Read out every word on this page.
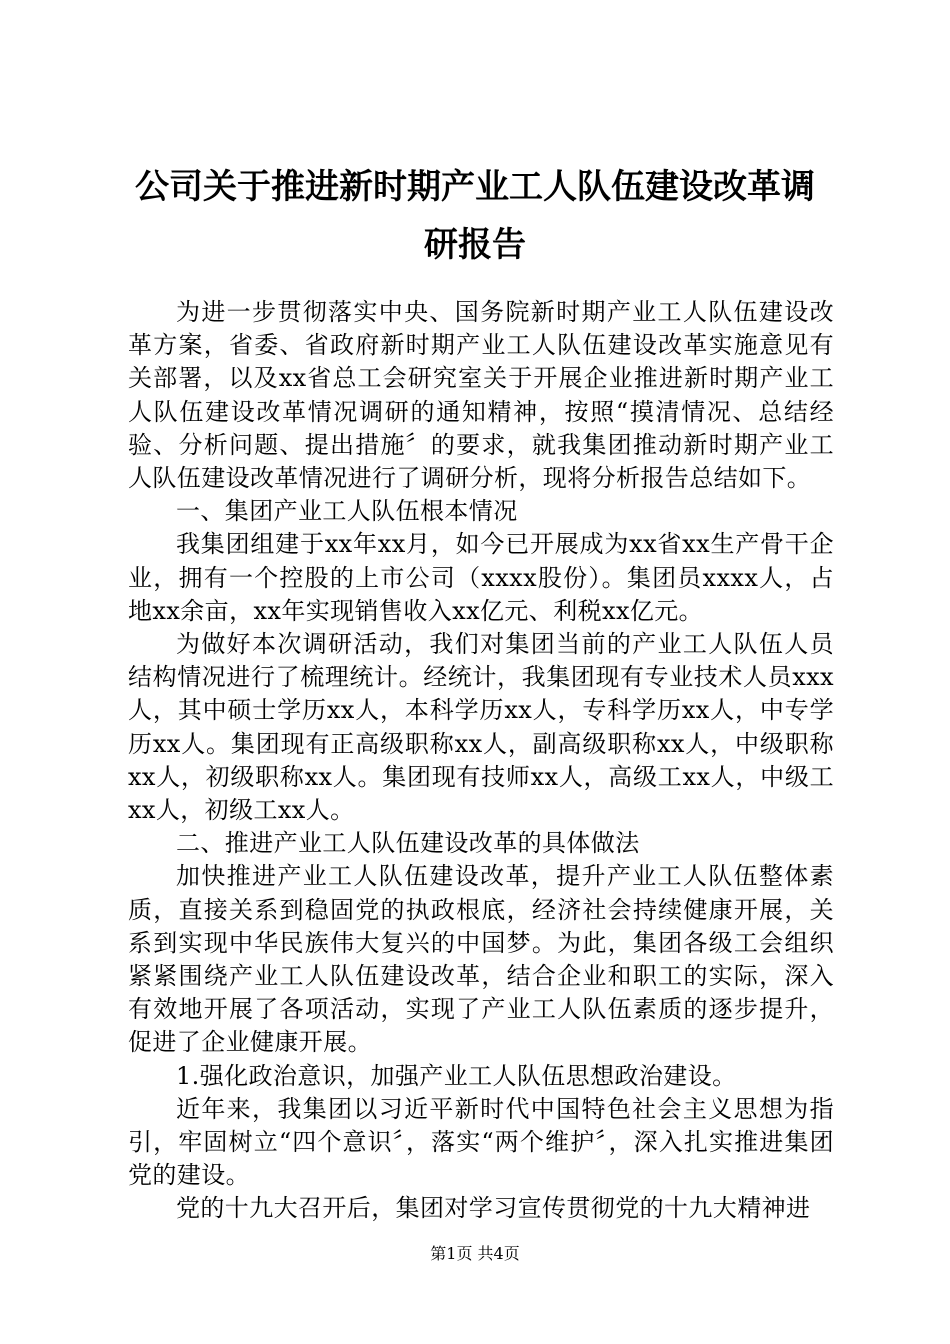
公司关于推进新时期产业工人队伍建设改革调研报告

为进一步贯彻落实中央、国务院新时期产业工人队伍建设改革方案，省委、省政府新时期产业工人队伍建设改革实施意见有关部署，以及xx省总工会研究室关于开展企业推进新时期产业工人队伍建设改革情况调研的通知精神，按照“摸清情况、总结经验、分析问题、提出措施〞的要求，就我集团推动新时期产业工人队伍建设改革情况进行了调研分析，现将分析报告总结如下。

一、集团产业工人队伍根本情况

我集团组建于xx年xx月，如今已开展成为xx省xx生产骨干企业，拥有一个控股的上市公司（xxxx股份）。集团员xxxx人，占地xx余亩，xx年实现销售收入xx亿元、利税xx亿元。

为做好本次调研活动，我们对集团当前的产业工人队伍人员结构情况进行了梳理统计。经统计，我集团现有专业技术人员xxx人，其中硕士学历xx人，本科学历xx人，专科学历xx人，中专学历xx人。集团现有正高级职称xx人，副高级职称xx人，中级职称xx人，初级职称xx人。集团现有技师xx人，高级工xx人，中级工xx人，初级工xx人。

二、推进产业工人队伍建设改革的具体做法

加快推进产业工人队伍建设改革，提升产业工人队伍整体素质，直接关系到稳固党的执政根底，经济社会持续健康开展，关系到实现中华民族伟大复兴的中国梦。为此，集团各级工会组织紧紧围绕产业工人队伍建设改革，结合企业和职工的实际，深入有效地开展了各项活动，实现了产业工人队伍素质的逐步提升，促进了企业健康开展。

1.强化政治意识，加强产业工人队伍思想政治建设。

近年来，我集团以习近平新时代中国特色社会主义思想为指引，牢固树立“四个意识〞，落实“两个维护〞，深入扎实推进集团党的建设。

党的十九大召开后，集团对学习宣传贯彻党的十九大精神进

第1页 共4页
